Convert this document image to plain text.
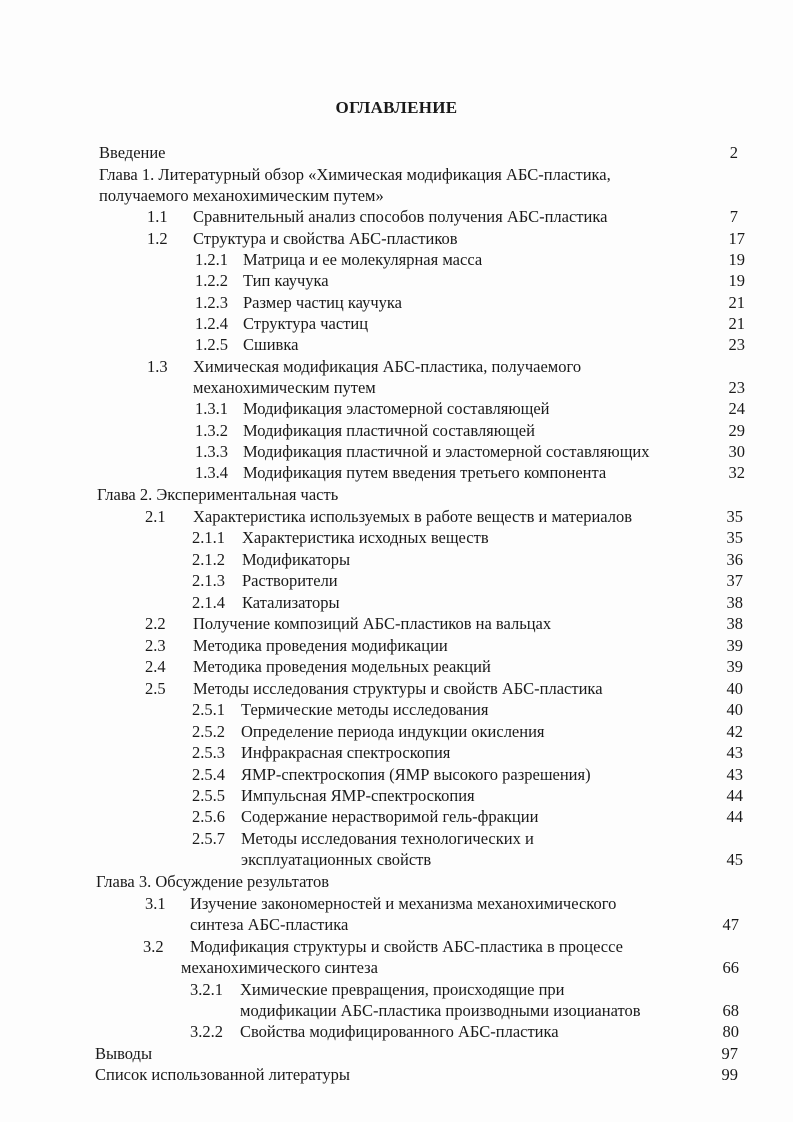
ОГЛАВЛЕНИЕ
Введение	2
Глава 1. Литературный обзор «Химическая модификация АБС-пластика,
получаемого механохимическим путем»
1.1 Сравнительный анализ способов получения АБС-пластика	7
1.2 Структура и свойства АБС-пластиков	17
1.2.1 Матрица и ее молекулярная масса	19
1.2.2 Тип каучука	19
1.2.3 Размер частиц каучука	21
1.2.4 Структура частиц	21
1.2.5 Сшивка	23
1.3 Химическая модификация АБС-пластика, получаемого
механохимическим путем	23
1.3.1 Модификация эластомерной составляющей	24
1.3.2 Модификация пластичной составляющей	29
1.3.3 Модификация пластичной и эластомерной составляющих	30
1.3.4 Модификация путем введения третьего компонента	32
Глава 2. Экспериментальная часть
2.1 Характеристика используемых в работе веществ и материалов	35
2.1.1 Характеристика исходных веществ	35
2.1.2 Модификаторы	36
2.1.3 Растворители	37
2.1.4 Катализаторы	38
2.2 Получение композиций АБС-пластиков на вальцах	38
2.3 Методика проведения модификации	39
2.4 Методика проведения модельных реакций	39
2.5 Методы исследования структуры и свойств АБС-пластика	40
2.5.1 Термические методы исследования	40
2.5.2 Определение периода индукции окисления	42
2.5.3 Инфракрасная спектроскопия	43
2.5.4 ЯМР-спектроскопия (ЯМР высокого разрешения)	43
2.5.5 Импульсная ЯМР-спектроскопия	44
2.5.6 Содержание нерастворимой гель-фракции	44
2.5.7 Методы исследования технологических и
эксплуатационных свойств	45
Глава 3. Обсуждение результатов
3.1 Изучение закономерностей и механизма механохимического
синтеза АБС-пластика	47
3.2 Модификация структуры и свойств АБС-пластика в процессе
механохимического синтеза	66
3.2.1 Химические превращения, происходящие при
модификации АБС-пластика производными изоцианатов	68
3.2.2 Свойства модифицированного АБС-пластика	80
Выводы	97
Список использованной литературы	99
